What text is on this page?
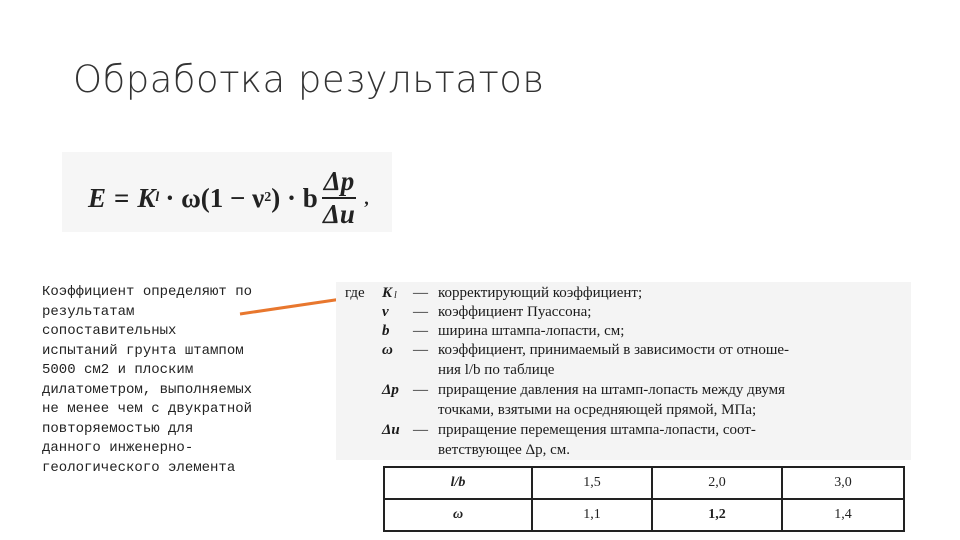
Обработка результатов
E = K l · ω(1 − ν 2 ) · b $\frac{\Delta p}{\Delta u}$ ,
Коэффициент определяют по
результатам
сопоставительных
испытаний грунта штампом
5000 см2 и плоским
дилатометром, выполняемых
не менее чем с двукратной
повторяемостью для
данного инженерно-
геологического элемента
где K l — корректирующий коэффициент;
ν — коэффициент Пуассона;
b — ширина штампа-лопасти, см;
ω — коэффициент, принимаемый в зависимости от отноше-
ния l/b по таблице
Δp — приращение давления на штамп-лопасть между двумя
точками, взятыми на осредняющей прямой, МПа;
Δu — приращение перемещения штампа-лопасти, соот-
ветствующее Δp, см.
l/b	1,5	2,0	3,0
ω	1,1	1,2	1,4
